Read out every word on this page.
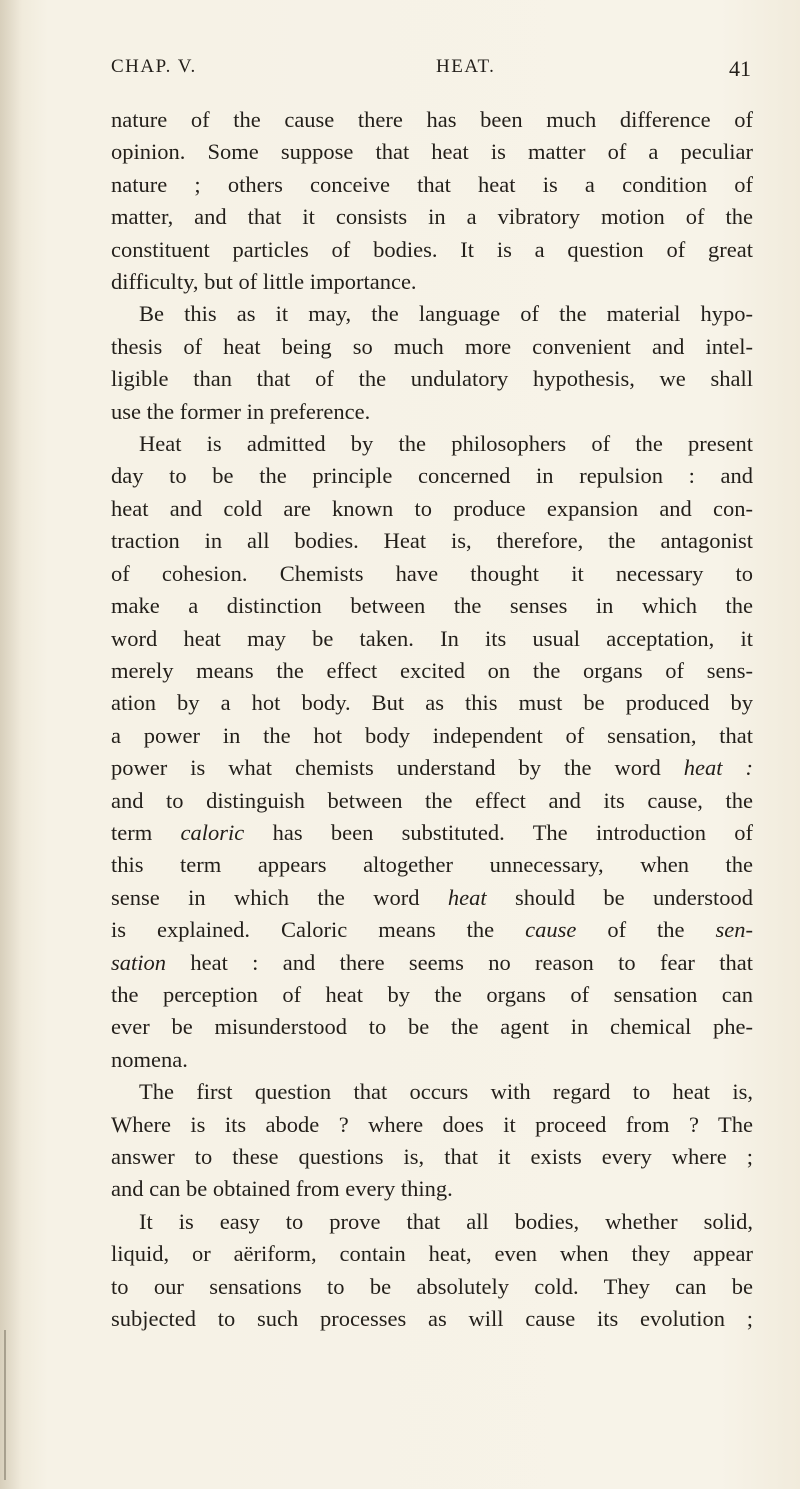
CHAP. V.	HEAT.	41

nature of the cause there has been much difference of
opinion. Some suppose that heat is matter of a peculiar
nature ; others conceive that heat is a condition of
matter, and that it consists in a vibratory motion of the
constituent particles of bodies. It is a question of great
difficulty, but of little importance.

Be this as it may, the language of the material hypo-
thesis of heat being so much more convenient and intel-
ligible than that of the undulatory hypothesis, we shall
use the former in preference.

Heat is admitted by the philosophers of the present
day to be the principle concerned in repulsion : and
heat and cold are known to produce expansion and con-
traction in all bodies. Heat is, therefore, the antagonist
of cohesion. Chemists have thought it necessary to
make a distinction between the senses in which the
word heat may be taken. In its usual acceptation, it
merely means the effect excited on the organs of sens-
ation by a hot body. But as this must be produced by
a power in the hot body independent of sensation, that
power is what chemists understand by the word heat :
and to distinguish between the effect and its cause, the
term caloric has been substituted. The introduction of
this term appears altogether unnecessary, when the
sense in which the word heat should be understood
is explained. Caloric means the cause of the sen-
sation heat : and there seems no reason to fear that
the perception of heat by the organs of sensation can
ever be misunderstood to be the agent in chemical phe-
nomena.

The first question that occurs with regard to heat is,
Where is its abode ? where does it proceed from ? The
answer to these questions is, that it exists every where ;
and can be obtained from every thing.

It is easy to prove that all bodies, whether solid,
liquid, or aëriform, contain heat, even when they appear
to our sensations to be absolutely cold. They can be
subjected to such processes as will cause its evolution ;
